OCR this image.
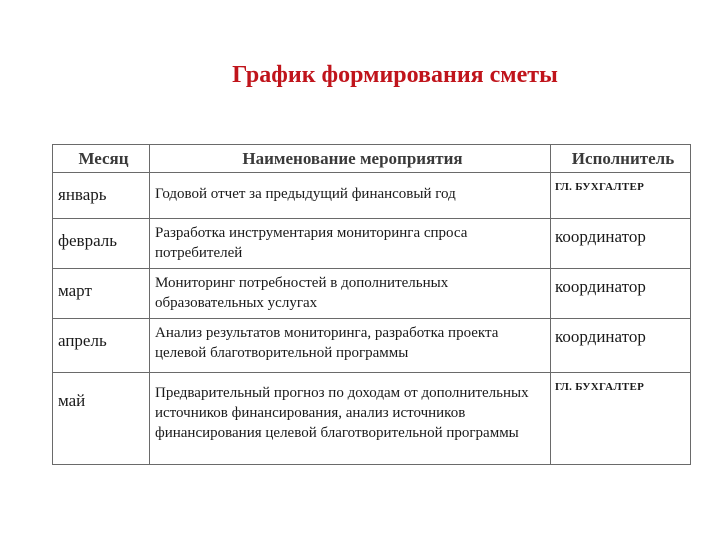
График формирования сметы
Месяц	Наименование мероприятия	Исполнитель
январь	Годовой отчет за предыдущий финансовый год	ГЛ. БУХГАЛТЕР

февраль	Разработка инструментария мониторинга спроса потребителей	координатор

март	Мониторинг потребностей в дополнительных образовательных услугах	координатор

апрель	Анализ результатов мониторинга, разработка проекта целевой благотворительной программы	координатор

май	Предварительный прогноз по доходам от дополнительных источников финансирования, анализ источников финансирования целевой благотворительной программы	ГЛ. БУХГАЛТЕР
